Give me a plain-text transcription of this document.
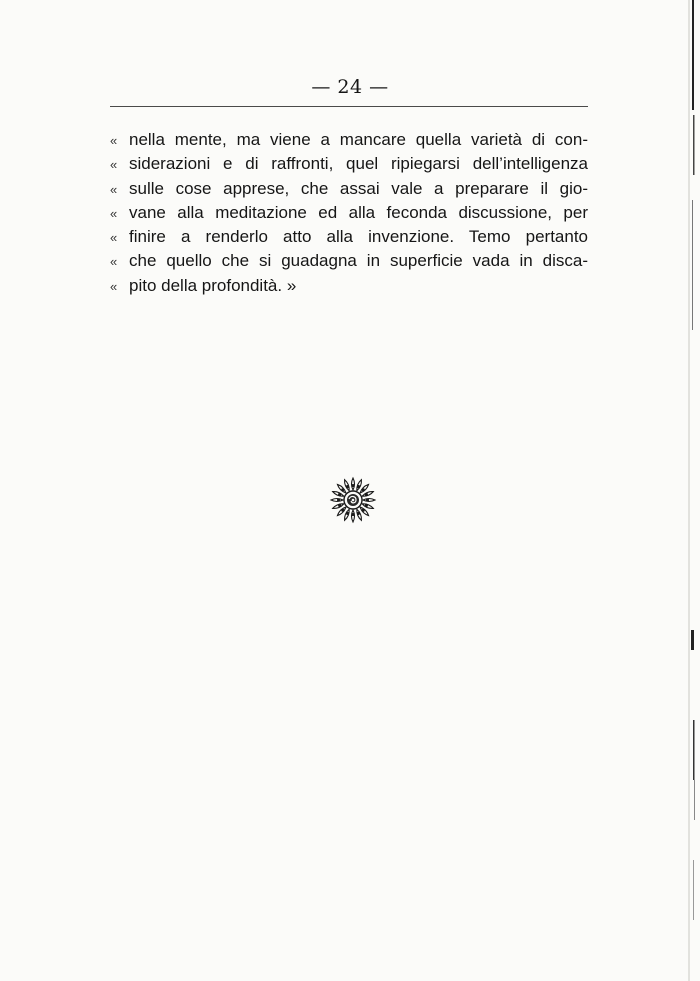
— 24 —
« nella mente, ma viene a mancare quella varietà di con-
« siderazioni e di raffronti, quel ripiegarsi dell’intelligenza
« sulle cose apprese, che assai vale a preparare il gio-
« vane alla meditazione ed alla feconda discussione, per
« finire a renderlo atto alla invenzione. Temo pertanto
« che quello che si guadagna in superficie vada in disca-
« pito della profondità. »
